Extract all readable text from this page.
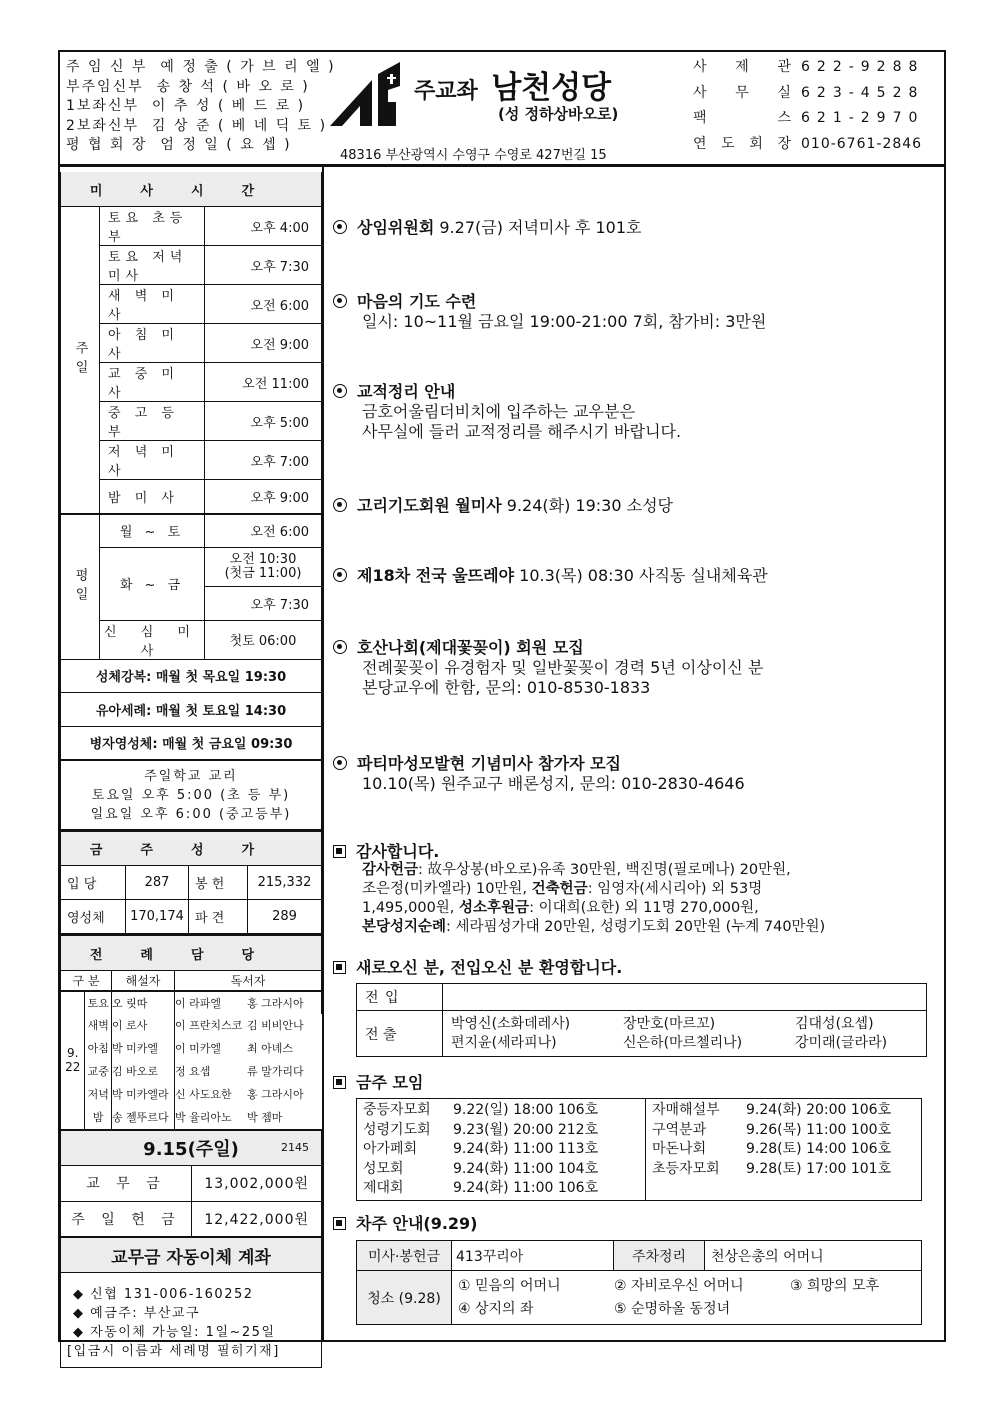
주 임 신 부 예 정 출 ( 가 브 리 엘 )
부주임신부 송 창 석 ( 바 오 로 )
1보좌신부 이 추 성 ( 베 드 로 )
2보좌신부 김 상 준 ( 베 네 딕 토 )
평 협 회 장 엄 정 일 ( 요 셉 )
주교좌 남천성당
(성 정하상바오로)
48316 부산광역시 수영구 수영로 427번길 15
사 제 관 622-9288
사 무 실 623-4528
팩	스 621-2970
연 도 회 장 010-6761-2846
미사시간		
주일	토요 초등부	오후 4:00
	토요 저녁미사	오후 7:30
	새 벽 미 사	오전 6:00
	아 침 미 사	오전 9:00
	교 중 미 사	오전 11:00
	중 고 등 부	오후 5:00
	저 녁 미 사	오후 7:00
	밤 미 사	오후 9:00
평일	월 ~ 토	오전 6:00
	화 ~ 금	오전 10:30
(첫금 11:00)
		오후 7:30
	신 심 미 사	첫토 06:00
성체강복: 매월 첫 목요일 19:30		
유아세례: 매월 첫 토요일 14:30		
병자영성체: 매월 첫 금요일 09:30		
주일학교 교리
토요일 오후 5:00 (초 등 부)
일요일 오후 6:00 (중고등부)		
금주성가			
입 당	287	봉 헌	215,332
영성체	170,174	파 견	289
전례담당				
구 분		해설자	독서자	
9. 22	토요	오 릿따	이 라파엘	홍 그라시아
	새벽	이 로사	이 프란치스코	김 비비안나
	아침	박 미카엘	이 미카엘	최 아녜스
	교중	김 바오로	정 요셉	류 말가리다
	저녁	박 미카엘라	신 사도요한	홍 그라시아
	밤	송 젤뚜르다	박 율리아노	박 젬마
9.15(주일) 2145	

교 무 금	13,002,000원
주 일 헌 금	12,422,000원
교무금 자동이체 계좌	

◆ 신협 131-006-160252
◆ 예금주: 부산교구
◆ 자동이체 가능일: 1일~25일
[입금시 이름과 세례명 필히기재]	
상임위원회 9.27(금) 저녁미사 후 101호
마음의 기도 수련
일시: 10~11월 금요일 19:00-21:00 7회, 참가비: 3만원
교적정리 안내
금호어울림더비치에 입주하는 교우분은
사무실에 들러 교적정리를 해주시기 바랍니다.
고리기도회원 월미사 9.24(화) 19:30 소성당
제18차 전국 울뜨레야 10.3(목) 08:30 사직동 실내체육관
호산나회(제대꽃꽂이) 회원 모집
전례꽃꽂이 유경험자 및 일반꽃꽂이 경력 5년 이상이신 분
본당교우에 한함, 문의: 010-8530-1833
파티마성모발현 기념미사 참가자 모집
10.10(목) 원주교구 배론성지, 문의: 010-2830-4646
감사합니다.
감사헌금: 故우상봉(바오로)유족 30만원, 백진명(필로메나) 20만원,
조은정(미카엘라) 10만원, 건축헌금: 임영자(세시리아) 외 53명
1,495,000원, 성소후원금: 이대희(요한) 외 11명 270,000원,
본당성지순례: 세라핌성가대 20만원, 성령기도회 20만원 (누계 740만원)
새로오신 분, 전입오신 분 환영합니다.
전 입	
전 출	
박영신(소화데레사)	장만호(마르꼬)	김대성(요셉)
편지윤(세라피나)	신은하(마르첼리나)	강미래(글라라)
금주 모임
중등자모회	9.22(일) 18:00 106호
성령기도회	9.23(월) 20:00 212호
아가페회	9.24(화) 11:00 113호
성모회	9.24(화) 11:00 104호
제대회	9.24(화) 11:00 106호
자매해설부	9.24(화) 20:00 106호
구역분과	9.26(목) 11:00 100호
마돈나회	9.28(토) 14:00 106호
초등자모회	9.28(토) 17:00 101호
차주 안내(9.29)
미사·봉헌금	413꾸리아	주차정리	천상은총의 어머니
청소 (9.28)	① 믿음의 어머니 ② 자비로우신 어머니 ③ 희망의 모후
④ 상지의 좌 ⑤ 순명하올 동정녀		
